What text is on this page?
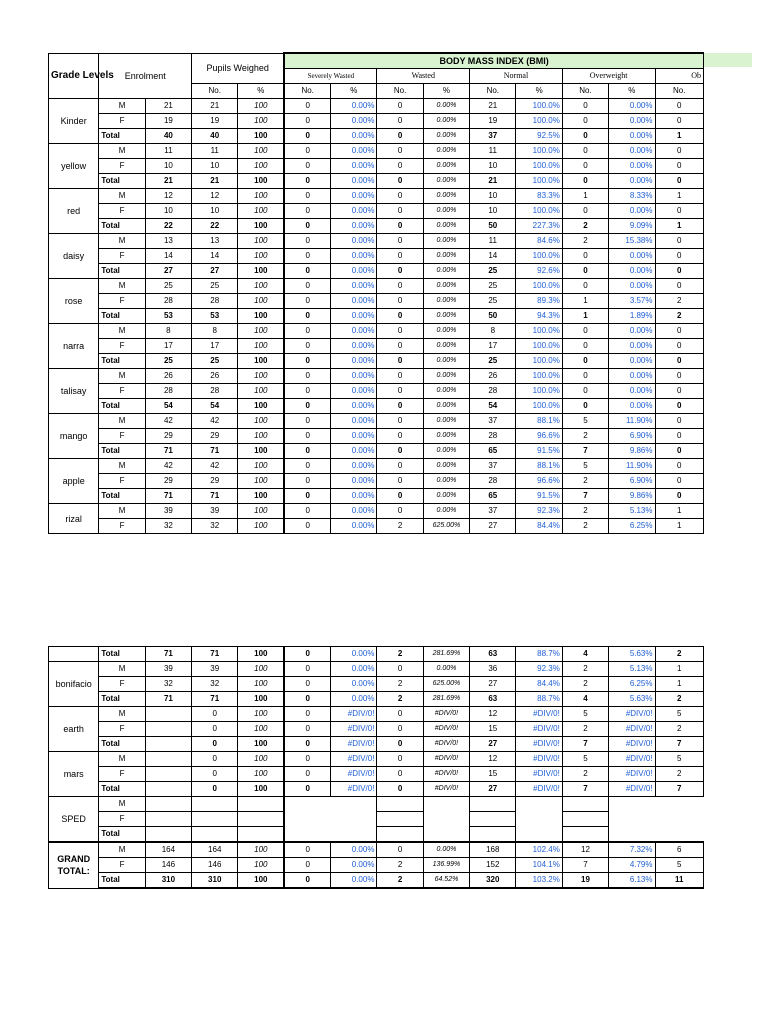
Grade Levels	Enrolment		Pupils Weighed		BODY MASS INDEX (BMI)								
					Severely Wasted		Wasted		Normal		Overweight		Ob
			No.	%	No.	%	No.	%	No.	%	No.	%	No.
Kinder	M	21	21	100	0	0.00%	0	0.00%	21	100.0%	0	0.00%	0
	F	19	19	100	0	0.00%	0	0.00%	19	100.0%	0	0.00%	0
	Total	40	40	100	0	0.00%	0	0.00%	37	92.5%	0	0.00%	1
yellow	M	11	11	100	0	0.00%	0	0.00%	11	100.0%	0	0.00%	0
	F	10	10	100	0	0.00%	0	0.00%	10	100.0%	0	0.00%	0
	Total	21	21	100	0	0.00%	0	0.00%	21	100.0%	0	0.00%	0
red	M	12	12	100	0	0.00%	0	0.00%	10	83.3%	1	8.33%	1
	F	10	10	100	0	0.00%	0	0.00%	10	100.0%	0	0.00%	0
	Total	22	22	100	0	0.00%	0	0.00%	50	227.3%	2	9.09%	1
daisy	M	13	13	100	0	0.00%	0	0.00%	11	84.6%	2	15.38%	0
	F	14	14	100	0	0.00%	0	0.00%	14	100.0%	0	0.00%	0
	Total	27	27	100	0	0.00%	0	0.00%	25	92.6%	0	0.00%	0
rose	M	25	25	100	0	0.00%	0	0.00%	25	100.0%	0	0.00%	0
	F	28	28	100	0	0.00%	0	0.00%	25	89.3%	1	3.57%	2
	Total	53	53	100	0	0.00%	0	0.00%	50	94.3%	1	1.89%	2
narra	M	8	8	100	0	0.00%	0	0.00%	8	100.0%	0	0.00%	0
	F	17	17	100	0	0.00%	0	0.00%	17	100.0%	0	0.00%	0
	Total	25	25	100	0	0.00%	0	0.00%	25	100.0%	0	0.00%	0
talisay	M	26	26	100	0	0.00%	0	0.00%	26	100.0%	0	0.00%	0
	F	28	28	100	0	0.00%	0	0.00%	28	100.0%	0	0.00%	0
	Total	54	54	100	0	0.00%	0	0.00%	54	100.0%	0	0.00%	0
mango	M	42	42	100	0	0.00%	0	0.00%	37	88.1%	5	11.90%	0
	F	29	29	100	0	0.00%	0	0.00%	28	96.6%	2	6.90%	0
	Total	71	71	100	0	0.00%	0	0.00%	65	91.5%	7	9.86%	0
apple	M	42	42	100	0	0.00%	0	0.00%	37	88.1%	5	11.90%	0
	F	29	29	100	0	0.00%	0	0.00%	28	96.6%	2	6.90%	0
	Total	71	71	100	0	0.00%	0	0.00%	65	91.5%	7	9.86%	0
rizal	M	39	39	100	0	0.00%	0	0.00%	37	92.3%	2	5.13%	1
	F	32	32	100	0	0.00%	2	625.00%	27	84.4%	2	6.25%	1
	Total	71	71	100	0	0.00%	2	281.69%	63	88.7%	4	5.63%	2
bonifacio	M	39	39	100	0	0.00%	0	0.00%	36	92.3%	2	5.13%	1
	F	32	32	100	0	0.00%	2	625.00%	27	84.4%	2	6.25%	1
	Total	71	71	100	0	0.00%	2	281.69%	63	88.7%	4	5.63%	2
earth	M		0	100	0	#DIV/0!	0	#DIV/0!	12	#DIV/0!	5	#DIV/0!	5
	F		0	100	0	#DIV/0!	0	#DIV/0!	15	#DIV/0!	2	#DIV/0!	2
	Total		0	100	0	#DIV/0!	0	#DIV/0!	27	#DIV/0!	7	#DIV/0!	7
mars	M		0	100	0	#DIV/0!	0	#DIV/0!	12	#DIV/0!	5	#DIV/0!	5
	F		0	100	0	#DIV/0!	0	#DIV/0!	15	#DIV/0!	2	#DIV/0!	2
	Total		0	100	0	#DIV/0!	0	#DIV/0!	27	#DIV/0!	7	#DIV/0!	7
SPED	M												
	F												
	Total												
GRAND TOTAL:	M	164	164	100	0	0.00%	0	0.00%	168	102.4%	12	7.32%	6
	F	146	146	100	0	0.00%	2	136.99%	152	104.1%	7	4.79%	5
	Total	310	310	100	0	0.00%	2	64.52%	320	103.2%	19	6.13%	11
